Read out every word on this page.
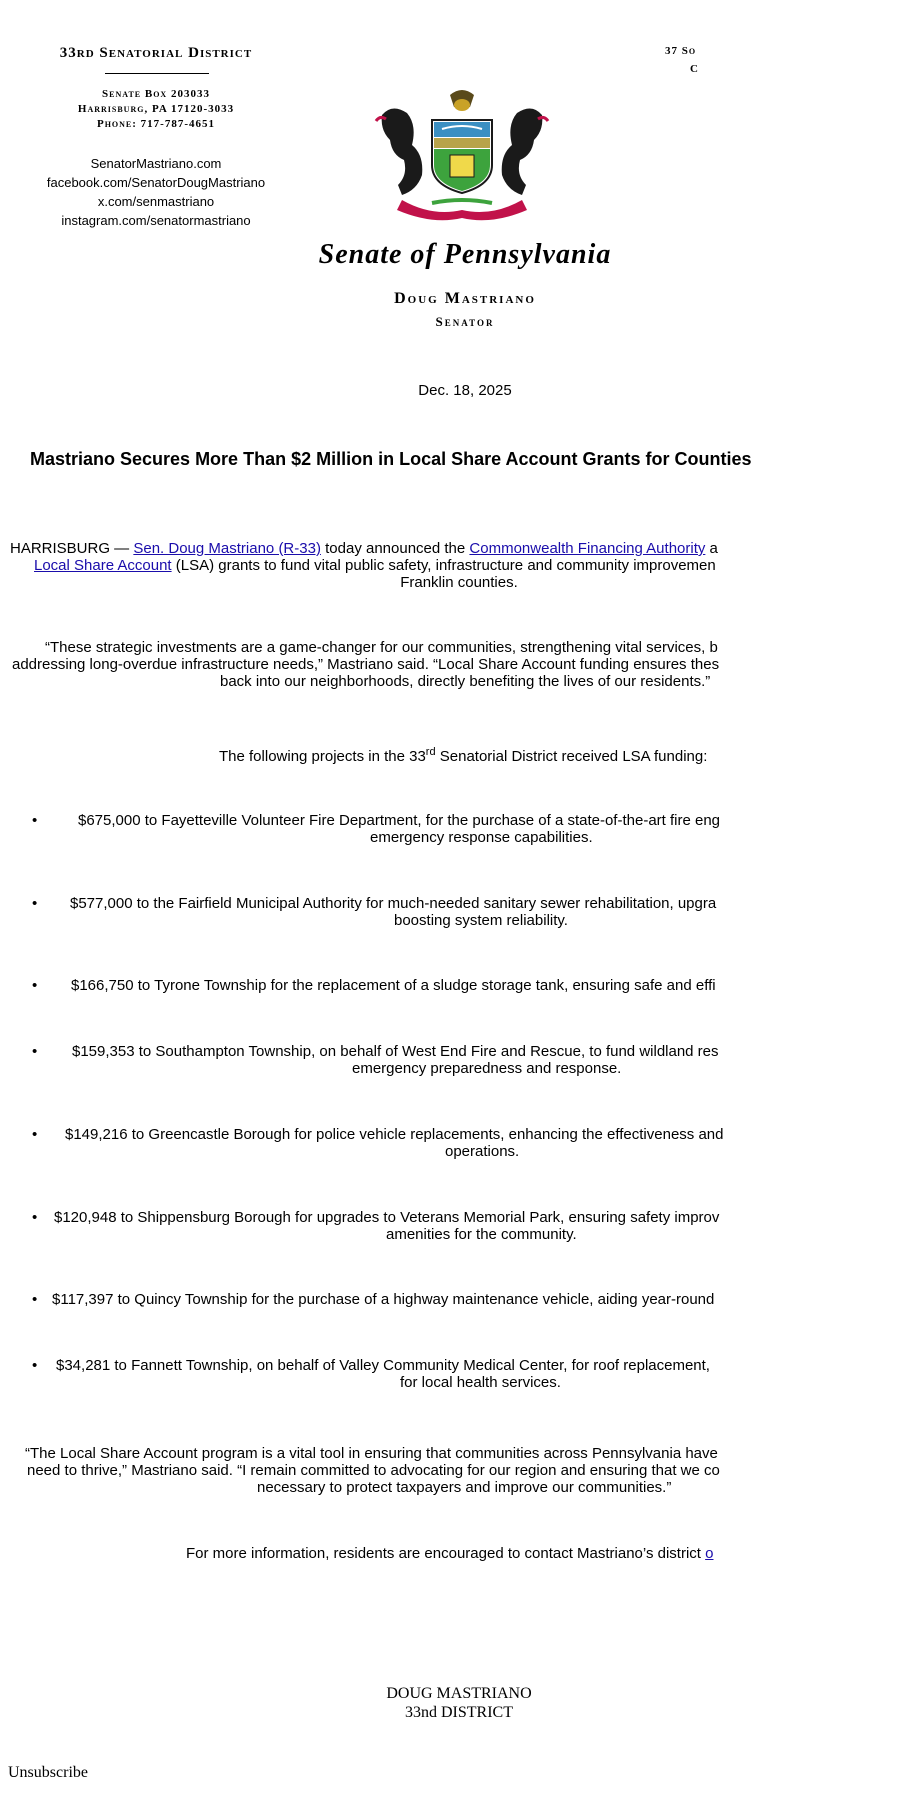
33rd Senatorial District
Senate Box 203033
Harrisburg, PA 17120-3033
Phone: 717-787-4651
SenatorMastriano.com
facebook.com/SenatorDougMastriano
x.com/senmastriano
instagram.com/senatormastriano
37 So
C
Senate of Pennsylvania
Doug Mastriano
Senator
Dec. 18, 2025
Mastriano Secures More Than $2 Million in Local Share Account Grants for Counties
HARRISBURG — Sen. Doug Mastriano (R-33) today announced the Commonwealth Financing Authority a
Local Share Account (LSA) grants to fund vital public safety, infrastructure and community improvemen
Franklin counties.
“These strategic investments are a game-changer for our communities, strengthening vital services, b
addressing long-overdue infrastructure needs,” Mastriano said. “Local Share Account funding ensures thes
back into our neighborhoods, directly benefiting the lives of our residents.”
The following projects in the 33rd Senatorial District received LSA funding:
•	$675,000 to Fayetteville Volunteer Fire Department, for the purchase of a state-of-the-art fire eng
emergency response capabilities.
• $577,000 to the Fairfield Municipal Authority for much-needed sanitary sewer rehabilitation, upgra
boosting system reliability.
• $166,750 to Tyrone Township for the replacement of a sludge storage tank, ensuring safe and effi
• $159,353 to Southampton Township, on behalf of West End Fire and Rescue, to fund wildland res
emergency preparedness and response.
• $149,216 to Greencastle Borough for police vehicle replacements, enhancing the effectiveness and
operations.
• $120,948 to Shippensburg Borough for upgrades to Veterans Memorial Park, ensuring safety improv
amenities for the community.
• $117,397 to Quincy Township for the purchase of a highway maintenance vehicle, aiding year-round
• $34,281 to Fannett Township, on behalf of Valley Community Medical Center, for roof replacement,
for local health services.
“The Local Share Account program is a vital tool in ensuring that communities across Pennsylvania have
need to thrive,” Mastriano said. “I remain committed to advocating for our region and ensuring that we co
necessary to protect taxpayers and improve our communities.”
For more information, residents are encouraged to contact Mastriano’s district o
DOUG MASTRIANO
33nd DISTRICT
Unsubscribe
